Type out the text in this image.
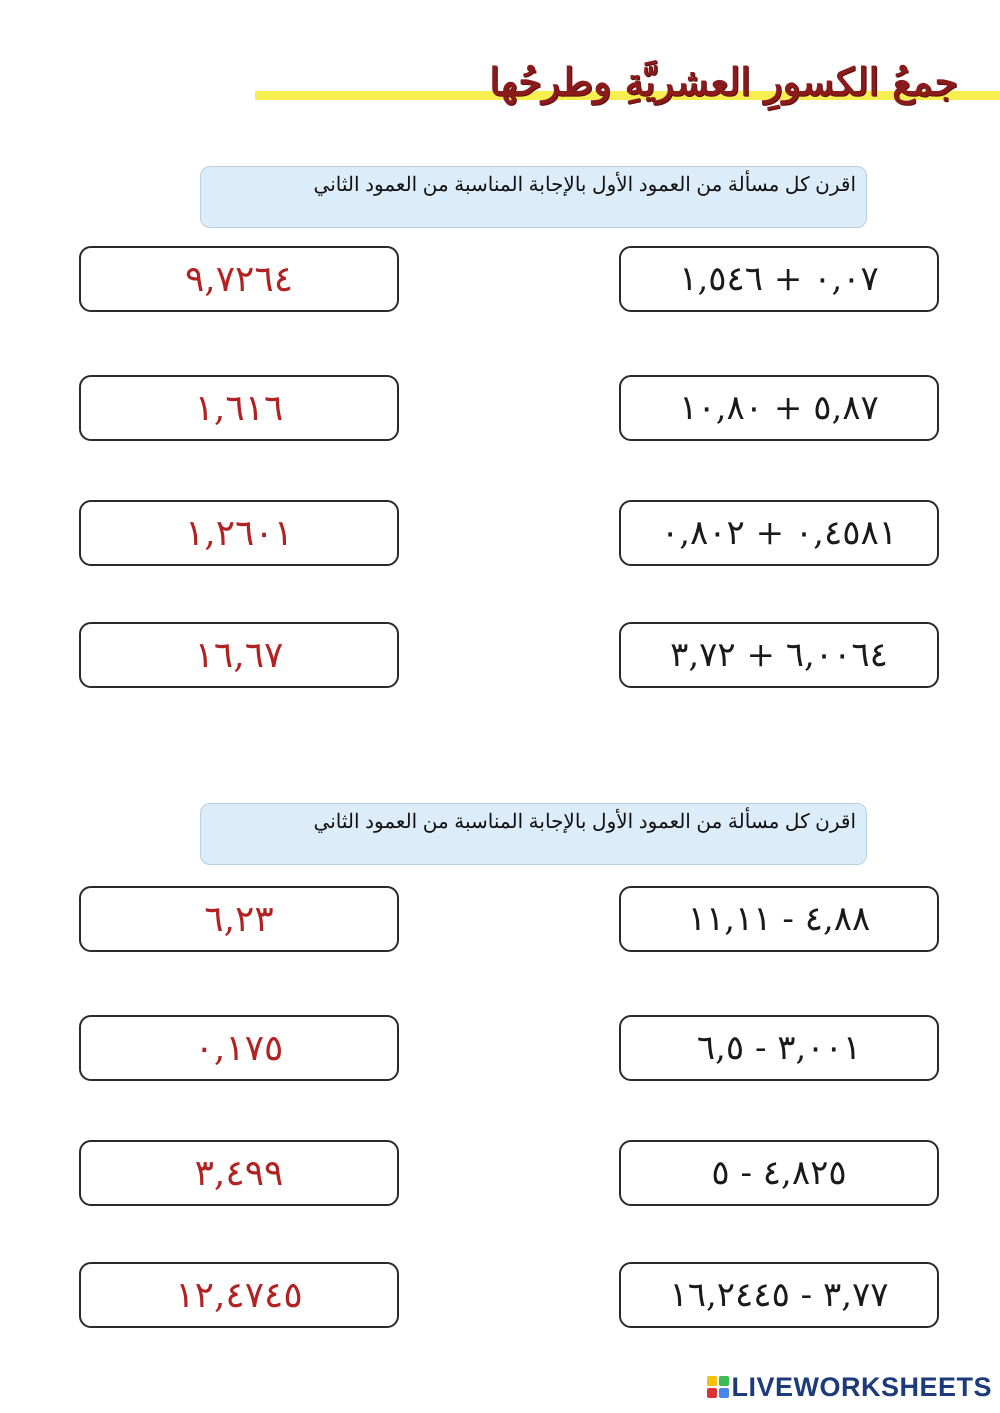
جمعُ الكسورِ العشريَّةِ وطرحُها
اقرن كل مسألة من العمود الأول بالإجابة المناسبة من العمود الثاني
٩,٧٢٦٤
١,٦١٦
١,٢٦٠١
١٦,٦٧
٠,٠٧ + ١,٥٤٦
٥,٨٧ + ١٠,٨٠
٠,٤٥٨١ + ٠,٨٠٢
٦,٠٠٦٤ + ٣,٧٢
اقرن كل مسألة من العمود الأول بالإجابة المناسبة من العمود الثاني
٦,٢٣
٠,١٧٥
٣,٤٩٩
١٢,٤٧٤٥
٤,٨٨ - ١١,١١
٣,٠٠١ - ٦,٥
٤,٨٢٥ - ٥
٣,٧٧ - ١٦,٢٤٤٥
LIVEWORKSHEETS
